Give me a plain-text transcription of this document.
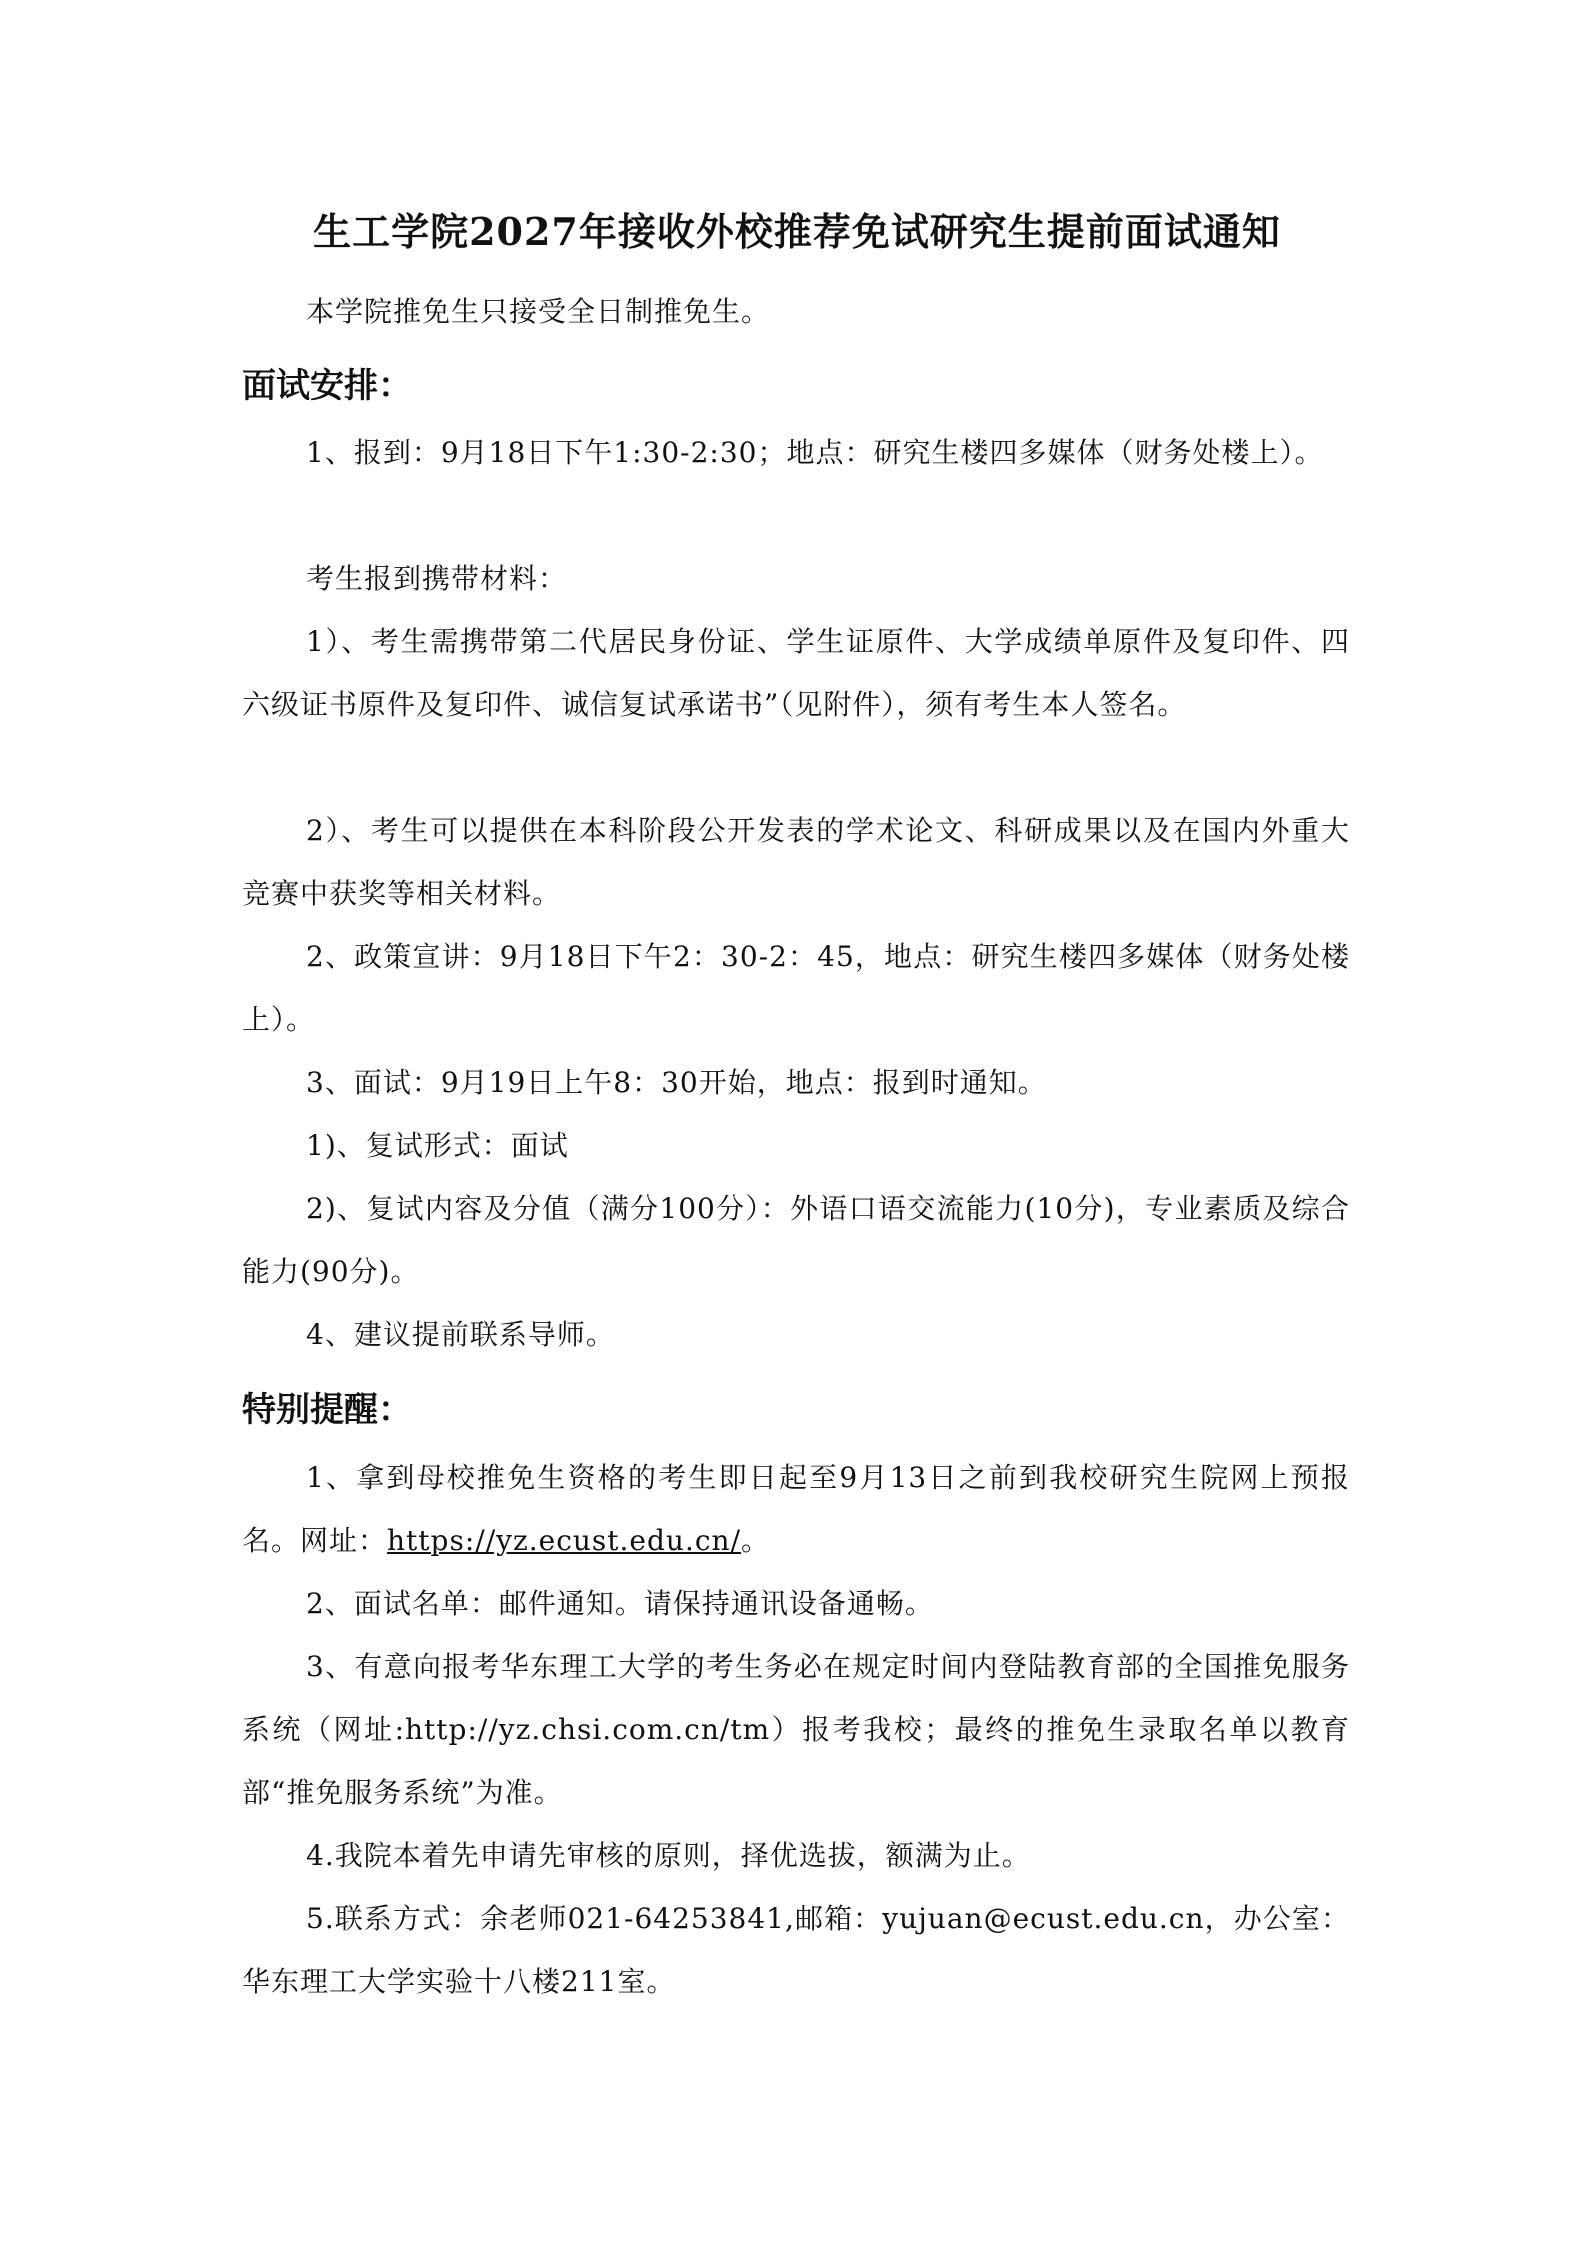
生工学院2027年接收外校推荐免试研究生提前面试通知
本学院推免生只接受全日制推免生。
面试安排：
1、报到：9月18日下午1:30-2:30；地点：研究生楼四多媒体（财务处楼上）。
考生报到携带材料：
1）、考生需携带第二代居民身份证、学生证原件、大学成绩单原件及复印件、四六级证书原件及复印件、诚信复试承诺书”（见附件），须有考生本人签名。
2）、考生可以提供在本科阶段公开发表的学术论文、科研成果以及在国内外重大竞赛中获奖等相关材料。
2、政策宣讲：9月18日下午2：30-2：45，地点：研究生楼四多媒体（财务处楼上）。
3、面试：9月19日上午8：30开始，地点：报到时通知。
1)、复试形式：面试
2)、复试内容及分值（满分100分）：外语口语交流能力(10分)，专业素质及综合能力(90分)。
4、建议提前联系导师。
特别提醒：
1、拿到母校推免生资格的考生即日起至9月13日之前到我校研究生院网上预报名。网址：https://yz.ecust.edu.cn/。
2、面试名单：邮件通知。请保持通讯设备通畅。
3、有意向报考华东理工大学的考生务必在规定时间内登陆教育部的全国推免服务系统（网址:http://yz.chsi.com.cn/tm）报考我校；最终的推免生录取名单以教育部“推免服务系统”为准。
4.我院本着先申请先审核的原则，择优选拔，额满为止。
5.联系方式：余老师021-64253841,邮箱：yujuan@ecust.edu.cn，办公室：华东理工大学实验十八楼211室。
